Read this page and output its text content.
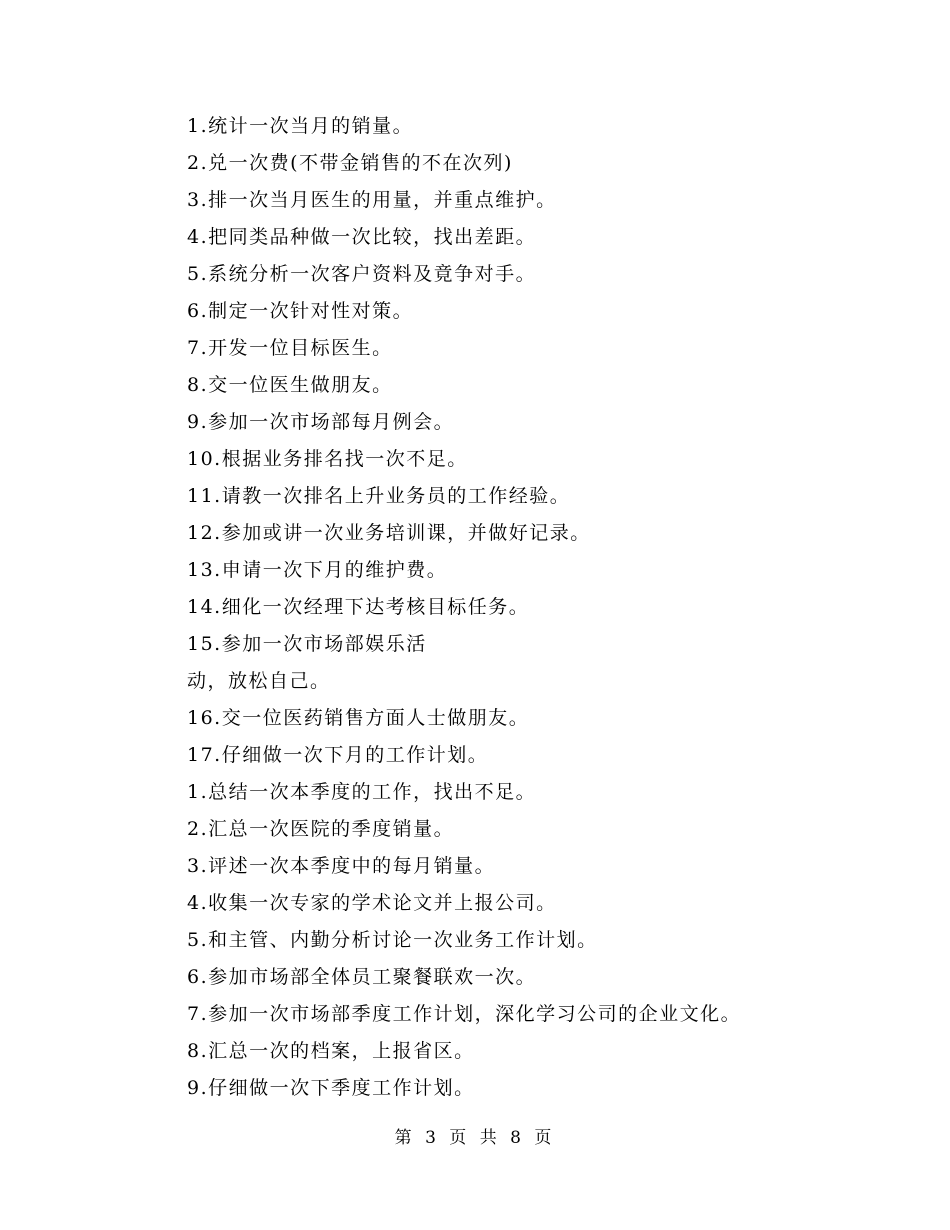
1.统计一次当月的销量。
2.兑一次费(不带金销售的不在次列)
3.排一次当月医生的用量，并重点维护。
4.把同类品种做一次比较，找出差距。
5.系统分析一次客户资料及竟争对手。
6.制定一次针对性对策。
7.开发一位目标医生。
8.交一位医生做朋友。
9.参加一次市场部每月例会。
10.根据业务排名找一次不足。
11.请教一次排名上升业务员的工作经验。
12.参加或讲一次业务培训课，并做好记录。
13.申请一次下月的维护费。
14.细化一次经理下达考核目标任务。
15.参加一次市场部娱乐活
动，放松自己。
16.交一位医药销售方面人士做朋友。
17.仔细做一次下月的工作计划。
1.总结一次本季度的工作，找出不足。
2.汇总一次医院的季度销量。
3.评述一次本季度中的每月销量。
4.收集一次专家的学术论文并上报公司。
5.和主管、内勤分析讨论一次业务工作计划。
6.参加市场部全体员工聚餐联欢一次。
7.参加一次市场部季度工作计划，深化学习公司的企业文化。
8.汇总一次的档案，上报省区。
9.仔细做一次下季度工作计划。
第 3 页 共 8 页
